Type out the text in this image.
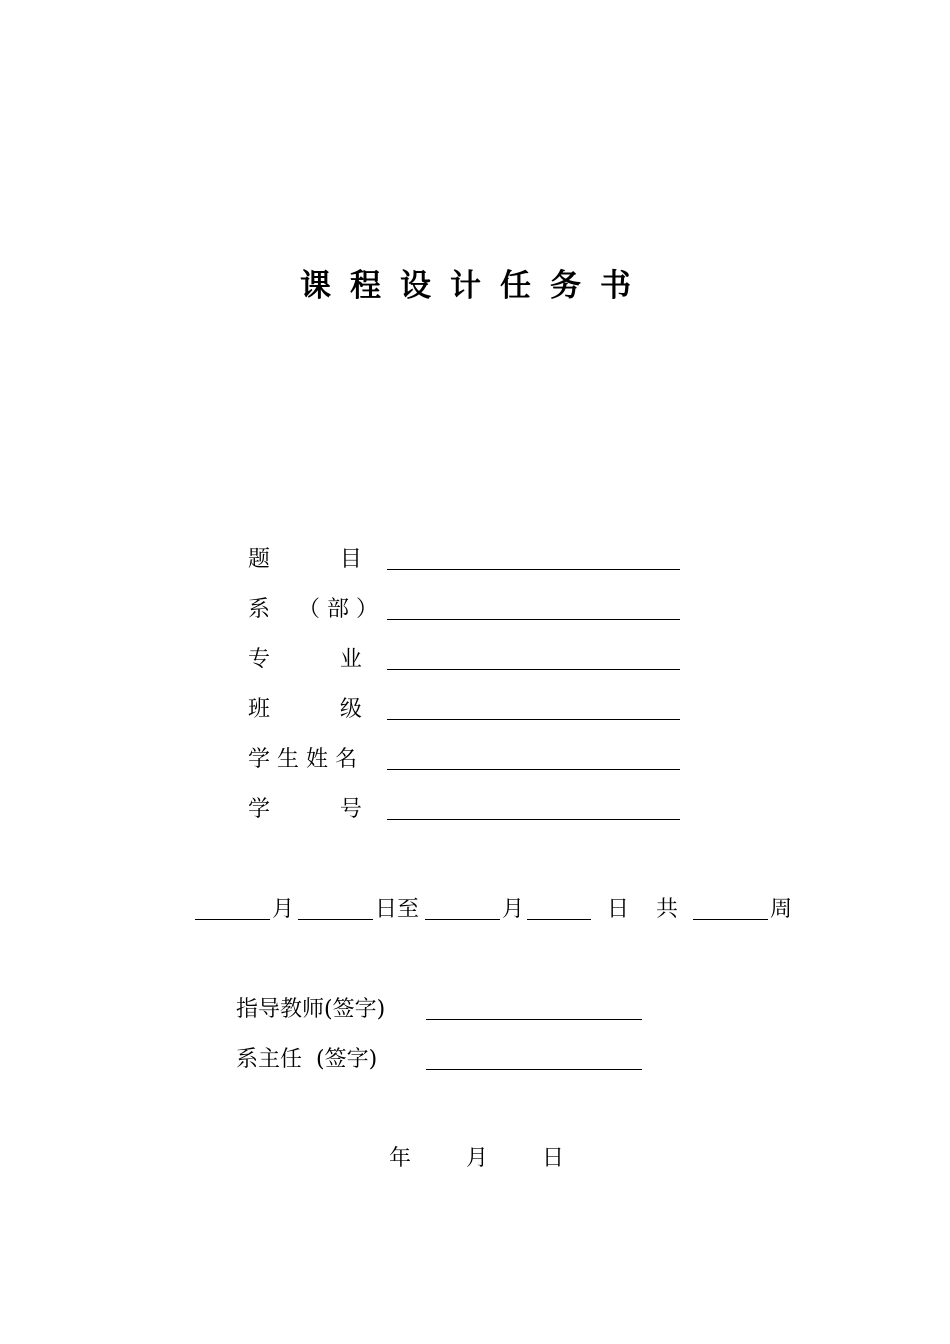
课程设计任务书
题          目
系    （ 部 ）
专          业
班          级
学 生 姓 名
学          号
月	日至	月	日 共	周
指导教师(签字)
系主任  (签字)
年 月 日
